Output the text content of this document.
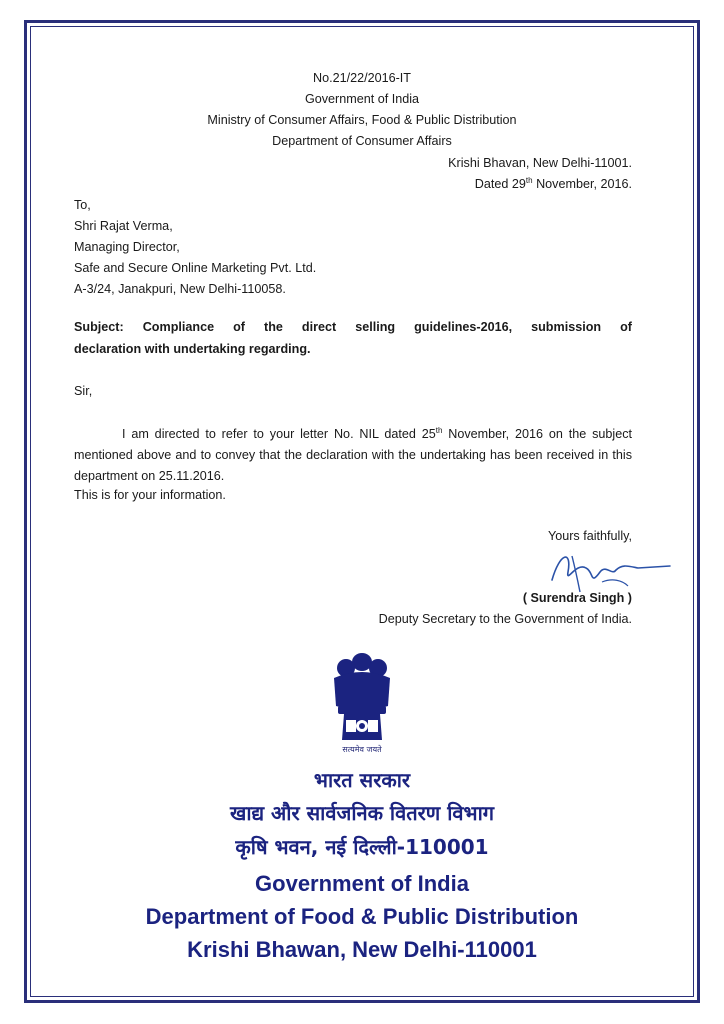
No.21/22/2016-IT
Government of India
Ministry of Consumer Affairs, Food & Public Distribution
Department of Consumer Affairs
Krishi Bhavan, New Delhi-11001.
Dated 29th November, 2016.
To,
Shri Rajat Verma,
Managing Director,
Safe and Secure Online Marketing Pvt. Ltd.
A-3/24, Janakpuri, New Delhi-110058.
Subject: Compliance of the direct selling guidelines-2016, submission of
declaration with undertaking regarding.
Sir,
I am directed to refer to your letter No. NIL dated 25th November, 2016 on the subject mentioned above and to convey that the declaration with the undertaking has been received in this department on 25.11.2016.
This is for your information.
Yours faithfully,
( Surendra Singh )
Deputy Secretary to the Government of India.
सत्यमेव जयते
भारत सरकार
खाद्य और सार्वजनिक वितरण विभाग
कृषि भवन, नई दिल्ली-110001
Government of India
Department of Food & Public Distribution
Krishi Bhawan, New Delhi-110001
